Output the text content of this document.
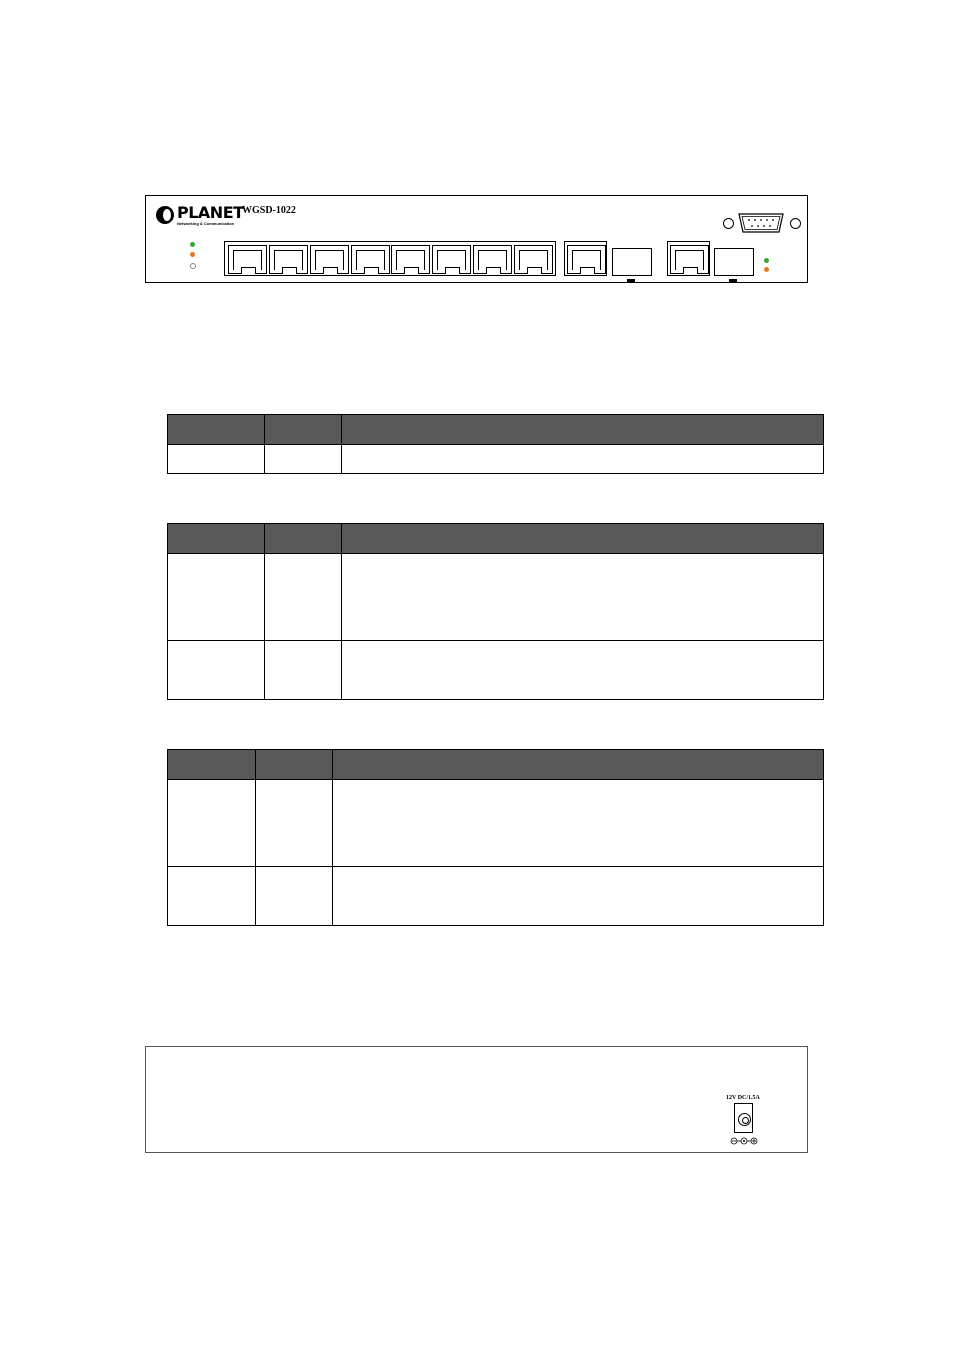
PLANET
Networking & Communication
WGSD-1022

12V DC/1.5A
